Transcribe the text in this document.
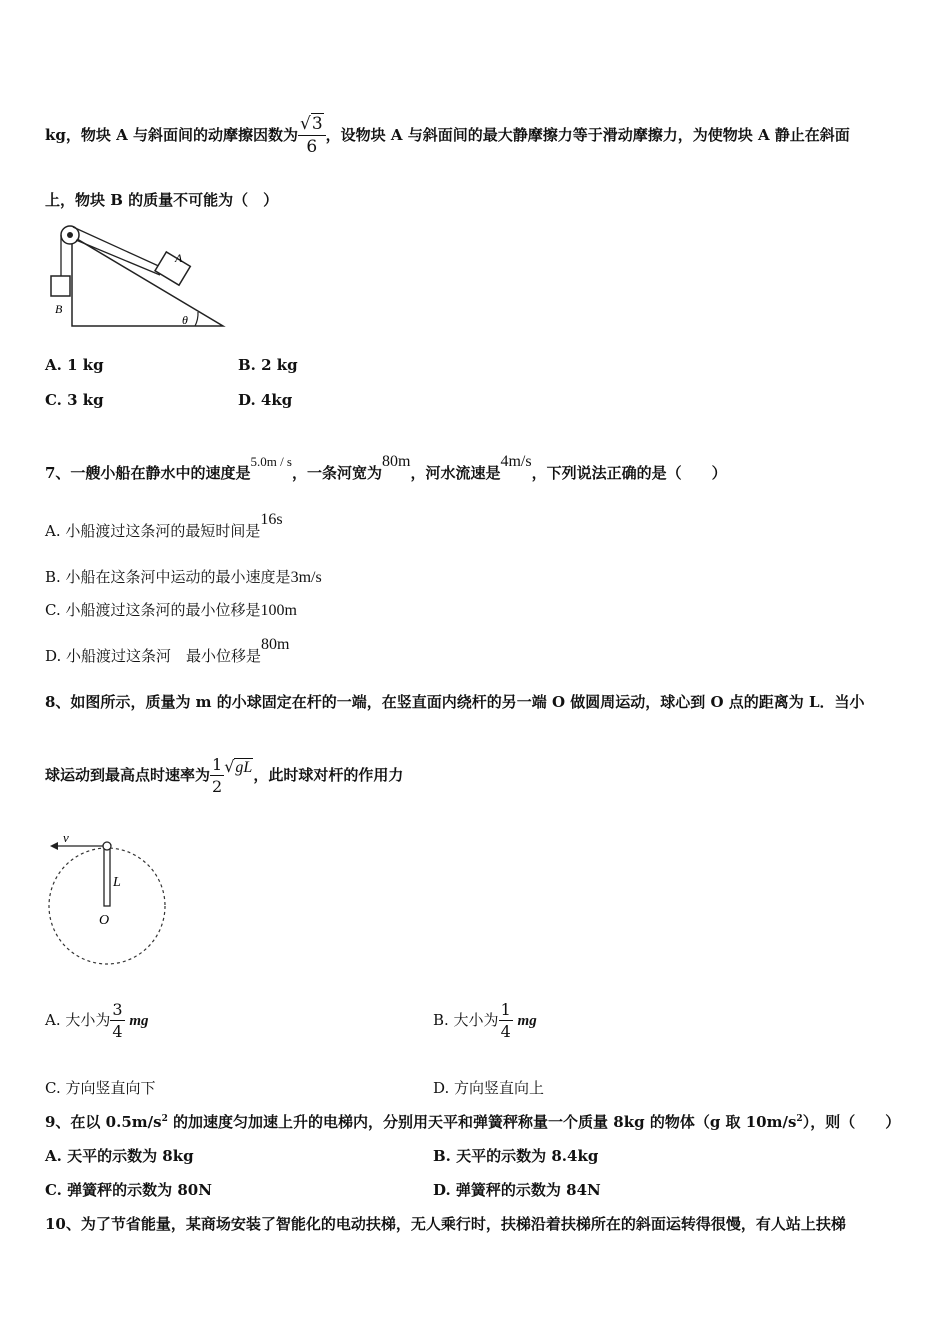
kg，物块 A 与斜面间的动摩擦因数为 $\frac{√3}{6}$ ，设物块 A 与斜面间的最大静摩擦力等于滑动摩擦力，为使物块 A 静止在斜面
上，物块 B 的质量不可能为（　）
A
B
θ
A. 1 kg	B. 2 kg
C. 3 kg	D. 4kg
7、一艘小船在静水中的速度是5.0m / s，一条河宽为80m，河水流速是4m/s，下列说法正确的是（　　）
A. 小船渡过这条河的最短时间是16s
B. 小船在这条河中运动的最小速度是3m/s
C. 小船渡过这条河的最小位移是100m
D. 小船渡过这条河　最小位移是80m
8、如图所示，质量为 m 的小球固定在杆的一端，在竖直面内绕杆的另一端 O 做圆周运动，球心到 O 点的距离为 L．当小
球运动到最高点时速率为 $\frac{1}{2} √gL$，此时球对杆的作用力
v
L
O
A. 大小为 $\frac{3}{4}$ mg	B. 大小为 $\frac{1}{4}$ mg
C. 方向竖直向下	D. 方向竖直向上
9、在以 $0.5m/s^2$ 的加速度匀加速上升的电梯内，分别用天平和弹簧秤称量一个质量 8kg 的物体（g 取 $10m/s^2$），则（　　）
A. 天平的示数为 8kg	B. 天平的示数为 8.4kg
C. 弹簧秤的示数为 80N	D. 弹簧秤的示数为 84N
10、为了节省能量，某商场安装了智能化的电动扶梯，无人乘行时，扶梯沿着扶梯所在的斜面运转得很慢，有人站上扶梯
